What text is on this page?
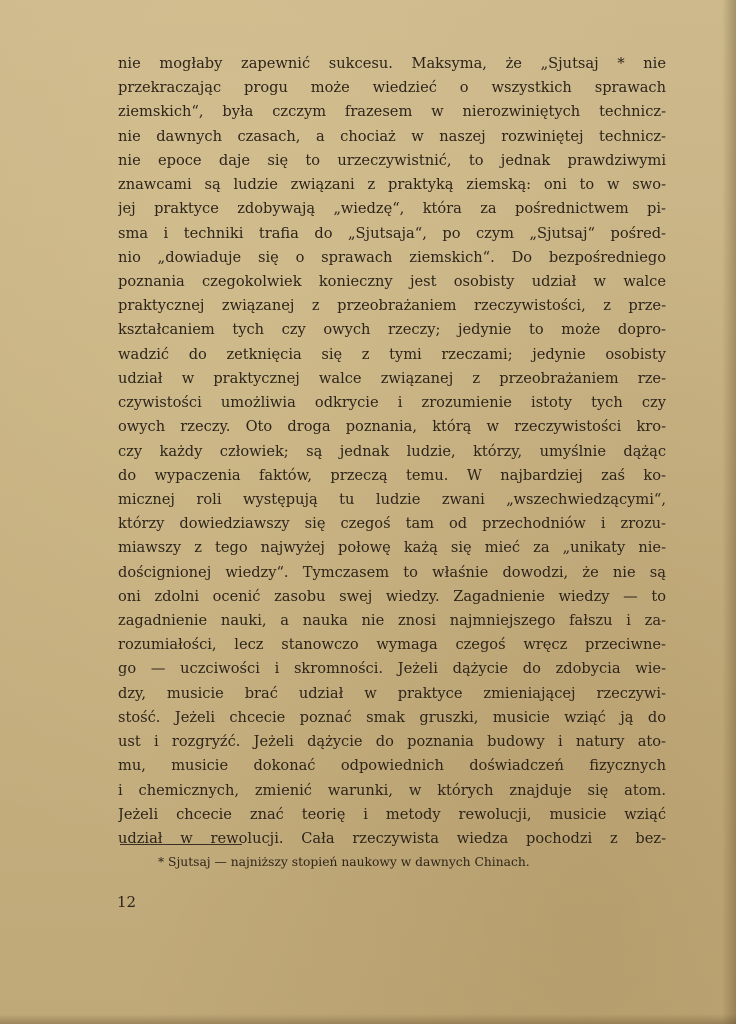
nie mogłaby zapewnić sukcesu. Maksyma, że „Sjutsaj * nie
przekraczając progu może wiedzieć o wszystkich sprawach
ziemskich“, była czczym frazesem w nierozwiniętych technicz-
nie dawnych czasach, a chociaż w naszej rozwiniętej technicz-
nie epoce daje się to urzeczywistnić, to jednak prawdziwymi
znawcami są ludzie związani z praktyką ziemską: oni to w swo-
jej praktyce zdobywają „wiedzę“, która za pośrednictwem pi-
sma i techniki trafia do „Sjutsaja“, po czym „Sjutsaj“ pośred-
nio „dowiaduje się o sprawach ziemskich“. Do bezpośredniego
poznania czegokolwiek konieczny jest osobisty udział w walce
praktycznej związanej z przeobrażaniem rzeczywistości, z prze-
kształcaniem tych czy owych rzeczy; jedynie to może dopro-
wadzić do zetknięcia się z tymi rzeczami; jedynie osobisty
udział w praktycznej walce związanej z przeobrażaniem rze-
czywistości umożliwia odkrycie i zrozumienie istoty tych czy
owych rzeczy. Oto droga poznania, którą w rzeczywistości kro-
czy każdy człowiek; są jednak ludzie, którzy, umyślnie dążąc
do wypaczenia faktów, przeczą temu. W najbardziej zaś ko-
micznej roli występują tu ludzie zwani „wszechwiedzącymi“,
którzy dowiedziawszy się czegoś tam od przechodniów i zrozu-
miawszy z tego najwyżej połowę każą się mieć za „unikaty nie-
doścignionej wiedzy“. Tymczasem to właśnie dowodzi, że nie są
oni zdolni ocenić zasobu swej wiedzy. Zagadnienie wiedzy — to
zagadnienie nauki, a nauka nie znosi najmniejszego fałszu i za-
rozumiałości, lecz stanowczo wymaga czegoś wręcz przeciwne-
go — uczciwości i skromności. Jeżeli dążycie do zdobycia wie-
dzy, musicie brać udział w praktyce zmieniającej rzeczywi-
stość. Jeżeli chcecie poznać smak gruszki, musicie wziąć ją do
ust i rozgryźć. Jeżeli dążycie do poznania budowy i natury ato-
mu, musicie dokonać odpowiednich doświadczeń fizycznych
i chemicznych, zmienić warunki, w których znajduje się atom.
Jeżeli chcecie znać teorię i metody rewolucji, musicie wziąć
udział w rewolucji. Cała rzeczywista wiedza pochodzi z bez-
* Sjutsaj — najniższy stopień naukowy w dawnych Chinach.
12
